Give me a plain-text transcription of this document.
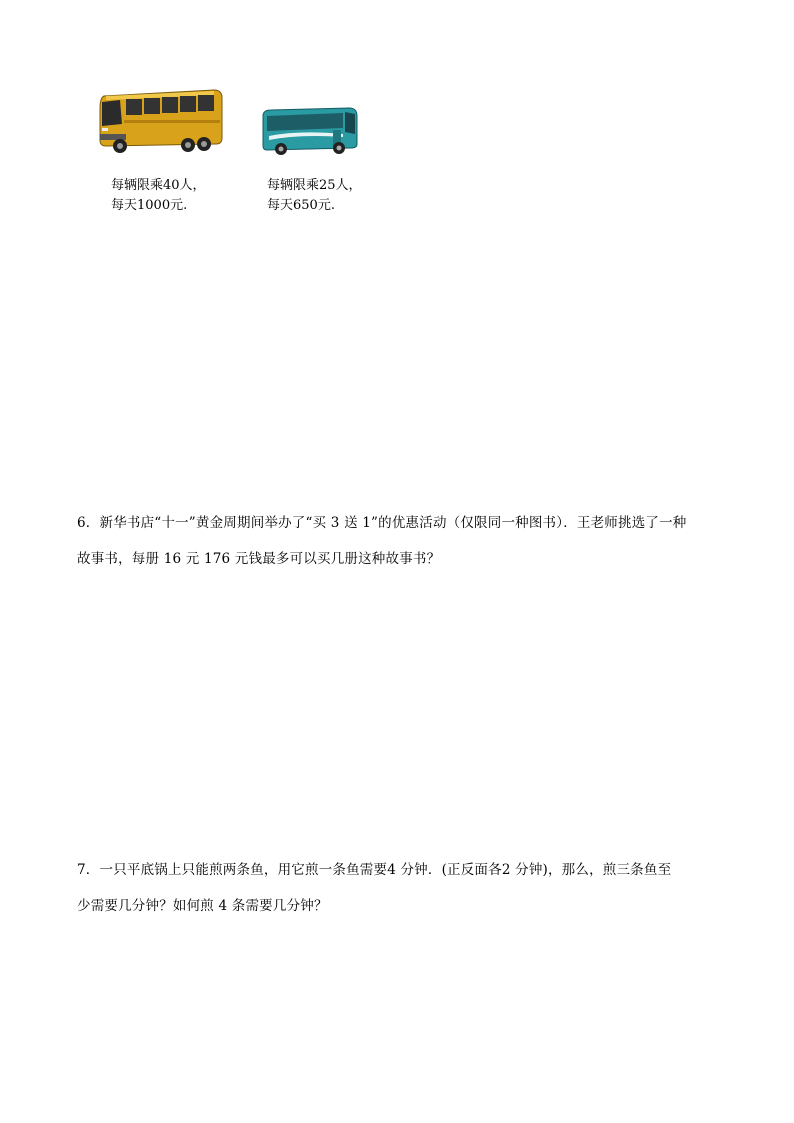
每辆限乘40人，
每天1000元.
每辆限乘25人，
每天650元.

6．新华书店“十一”黄金周期间举办了“买 3 送 1”的优惠活动（仅限同一种图书）．王老师挑选了一种

故事书，每册 16 元 176 元钱最多可以买几册这种故事书？

7．一只平底锅上只能煎两条鱼，用它煎一条鱼需要4 分钟．(正反面各2 分钟)，那么，煎三条鱼至

少需要几分钟？如何煎 4 条需要几分钟？
